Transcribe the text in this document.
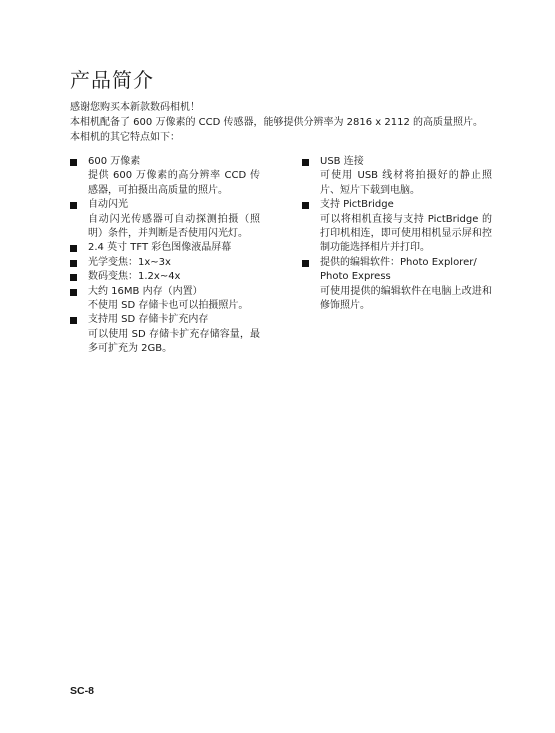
产品简介

感谢您购买本新款数码相机！

本相机配备了 600 万像素的 CCD 传感器，能够提供分辨率为 2816 x 2112 的高质量照片。本相机的其它特点如下：

600 万像素
提供 600 万像素的高分辨率 CCD 传感器，可拍摄出高质量的照片。
自动闪光
自动闪光传感器可自动探测拍摄（照明）条件，并判断是否使用闪光灯。
2.4 英寸 TFT 彩色图像液晶屏幕
光学变焦：1x~3x
数码变焦：1.2x~4x
大约 16MB 内存（内置）
不使用 SD 存储卡也可以拍摄照片。
支持用 SD 存储卡扩充内存
可以使用 SD 存储卡扩充存储容量，最多可扩充为 2GB。
USB 连接
可使用 USB 线材将拍摄好的静止照片、短片下载到电脑。
支持 PictBridge
可以将相机直接与支持 PictBridge 的打印机相连，即可使用相机显示屏和控制功能选择相片并打印。
提供的编辑软件：Photo Explorer/ Photo Express
可使用提供的编辑软件在电脑上改进和修饰照片。
SC-8
